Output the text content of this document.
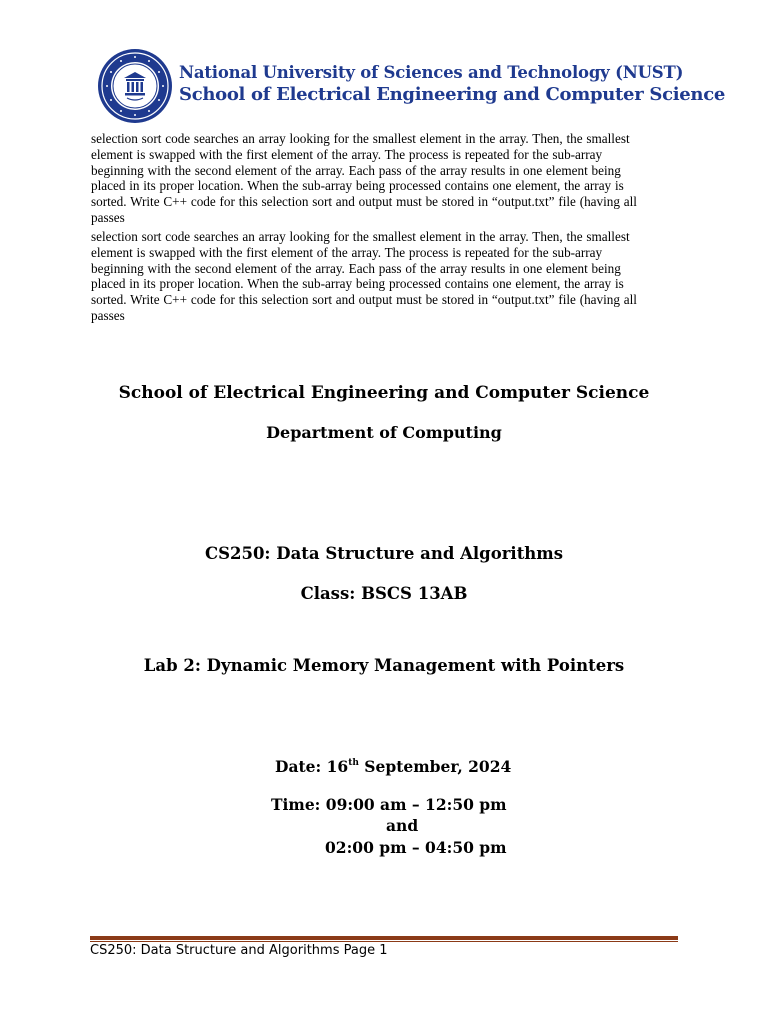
National University of Sciences and Technology (NUST)
School of Electrical Engineering and Computer Science
selection sort code searches an array looking for the smallest element in the array. Then, the smallest element is swapped with the first element of the array. The process is repeated for the sub-array beginning with the second element of the array. Each pass of the array results in one element being placed in its proper location. When the sub-array being processed contains one element, the array is sorted. Write C++ code for this selection sort and output must be stored in “output.txt” file (having all passes
selection sort code searches an array looking for the smallest element in the array. Then, the smallest element is swapped with the first element of the array. The process is repeated for the sub-array beginning with the second element of the array. Each pass of the array results in one element being placed in its proper location. When the sub-array being processed contains one element, the array is sorted. Write C++ code for this selection sort and output must be stored in “output.txt” file (having all passes
School of Electrical Engineering and Computer Science
Department of Computing
CS250: Data Structure and Algorithms
Class: BSCS 13AB
Lab 2: Dynamic Memory Management with Pointers
Date: 16th September, 2024
Time: 09:00 am – 12:50 pm
and
02:00 pm – 04:50 pm
CS250: Data Structure and Algorithms Page 1
